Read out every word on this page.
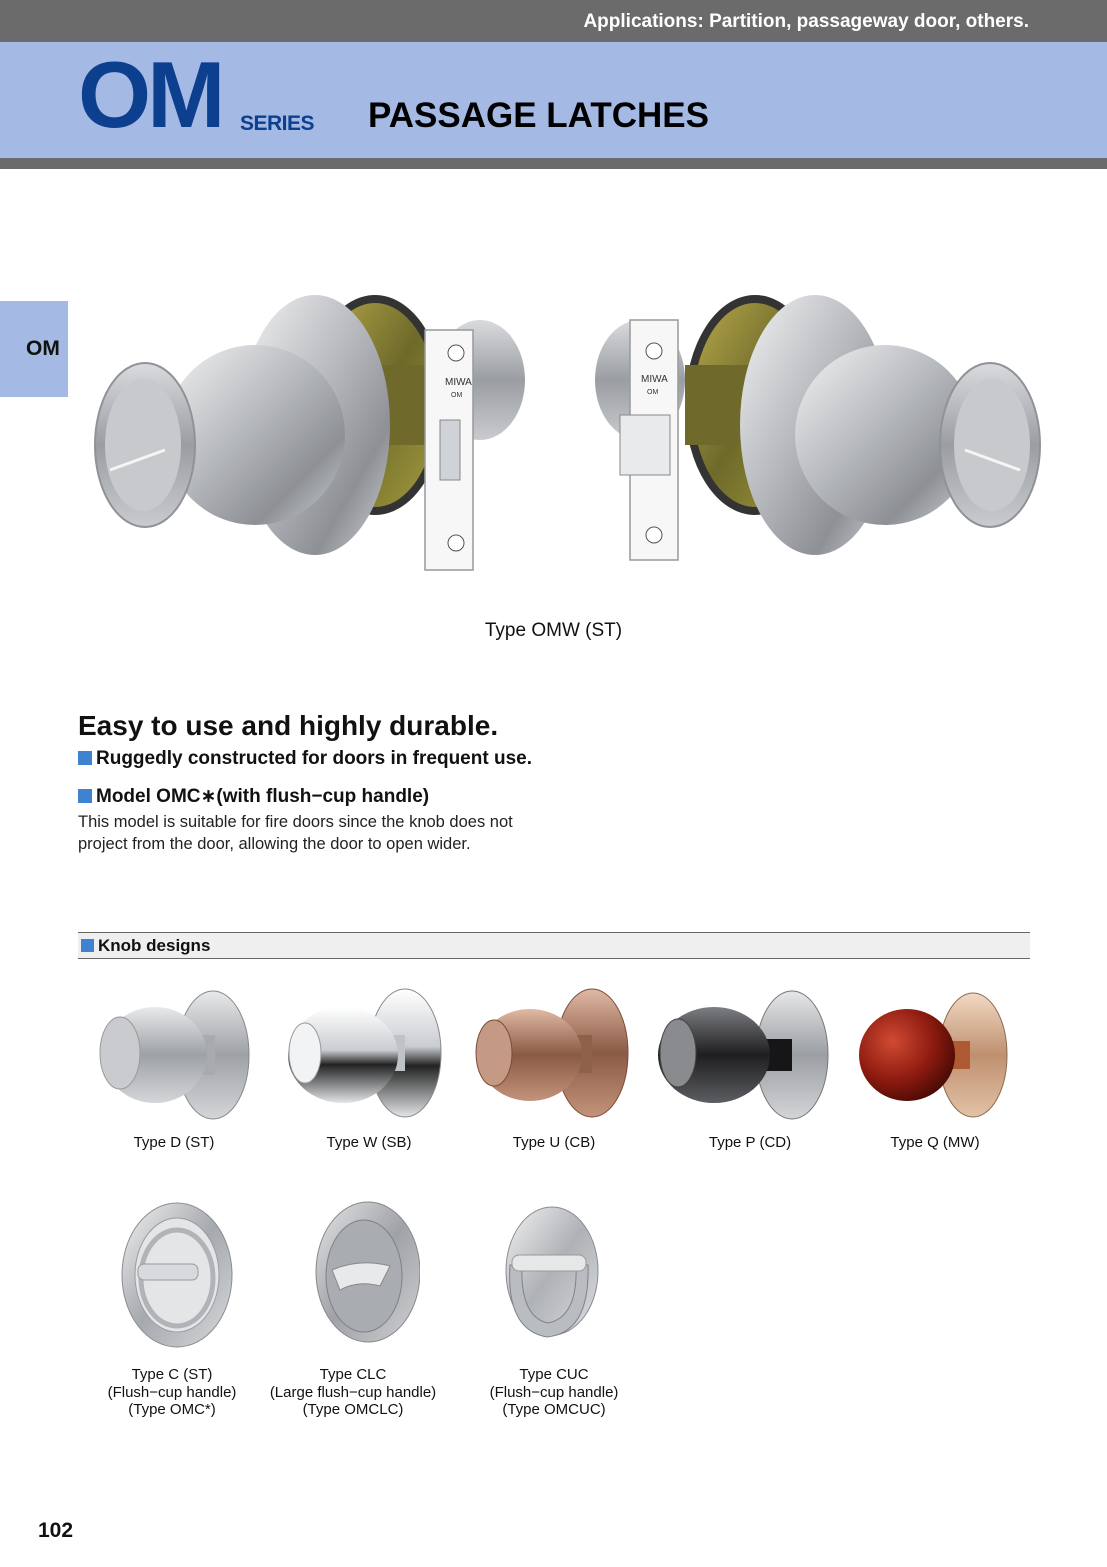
Applications: Partition, passageway door, others.
OM SERIES PASSAGE LATCHES
OM
MIWA
OM
MIWA
OM
Type OMW (ST)
Easy to use and highly durable.
Ruggedly constructed for doors in frequent use.
Model OMC∗(with flush−cup handle)
This model is suitable for fire doors since the knob does not
project from the door, allowing the door to open wider.
Knob designs
Type D (ST)	Type W (SB)	Type U (CB)	Type P (CD)	Type Q (MW)
Type C (ST)
(Flush−cup handle)
(Type OMC*)
Type CLC
(Large flush−cup handle)
(Type OMCLC)
Type CUC
(Flush−cup handle)
(Type OMCUC)
102
